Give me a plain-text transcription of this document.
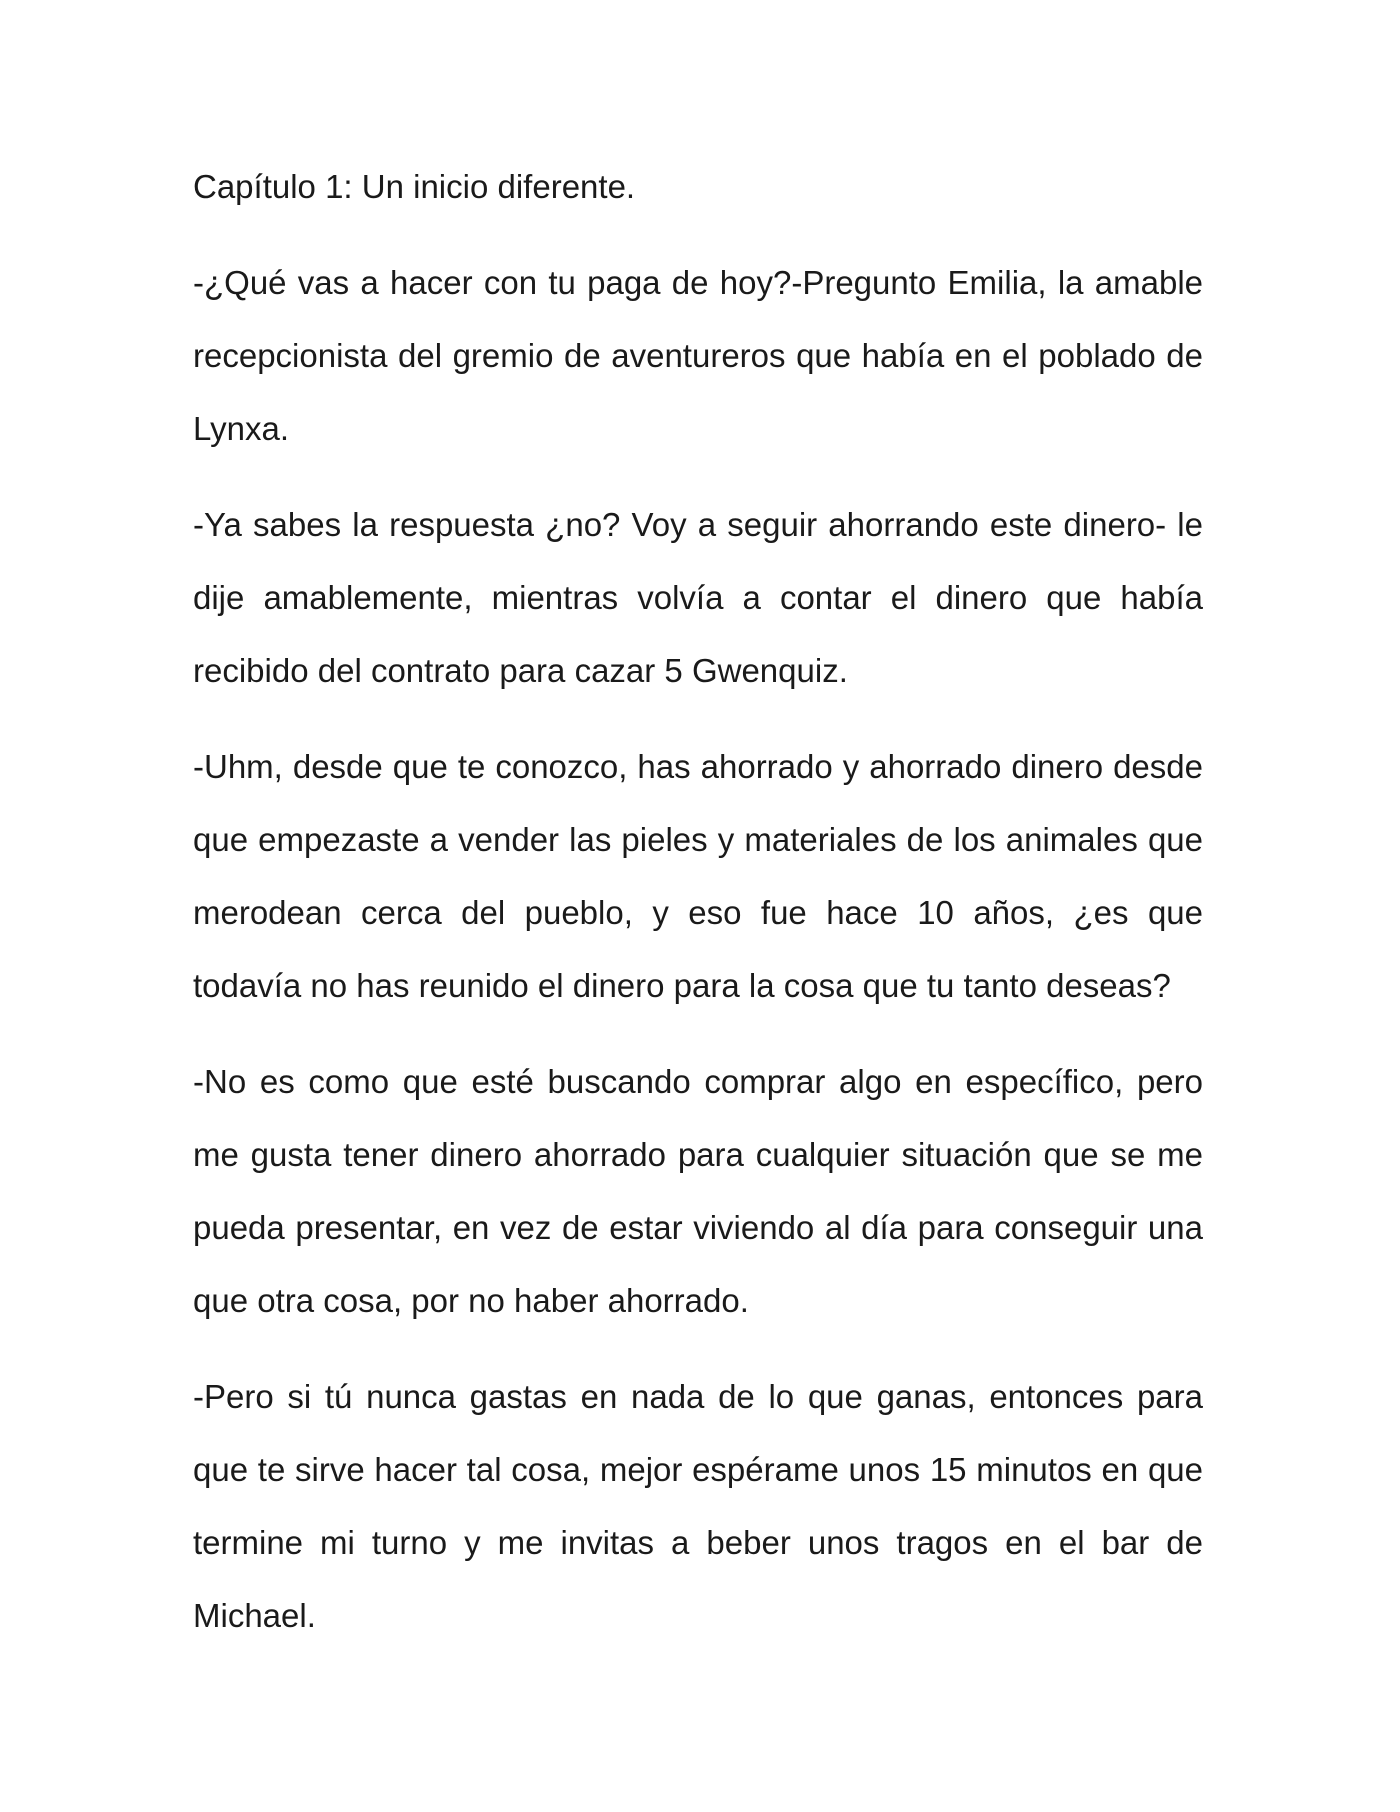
Capítulo 1: Un inicio diferente.

-¿Qué vas a hacer con tu paga de hoy?-Pregunto Emilia, la amable recepcionista del gremio de aventureros que había en el poblado de Lynxa.

-Ya sabes la respuesta ¿no? Voy a seguir ahorrando este dinero- le dije amablemente, mientras volvía a contar el dinero que había recibido del contrato para cazar 5 Gwenquiz.

-Uhm, desde que te conozco, has ahorrado y ahorrado dinero desde que empezaste a vender las pieles y materiales de los animales que merodean cerca del pueblo, y eso fue hace 10 años, ¿es que todavía no has reunido el dinero para la cosa que tu tanto deseas?

-No es como que esté buscando comprar algo en específico, pero me gusta tener dinero ahorrado para cualquier situación que se me pueda presentar, en vez de estar viviendo al día para conseguir una que otra cosa, por no haber ahorrado.

-Pero si tú nunca gastas en nada de lo que ganas, entonces para que te sirve hacer tal cosa, mejor espérame unos 15 minutos en que termine mi turno y me invitas a beber unos tragos en el bar de Michael.
